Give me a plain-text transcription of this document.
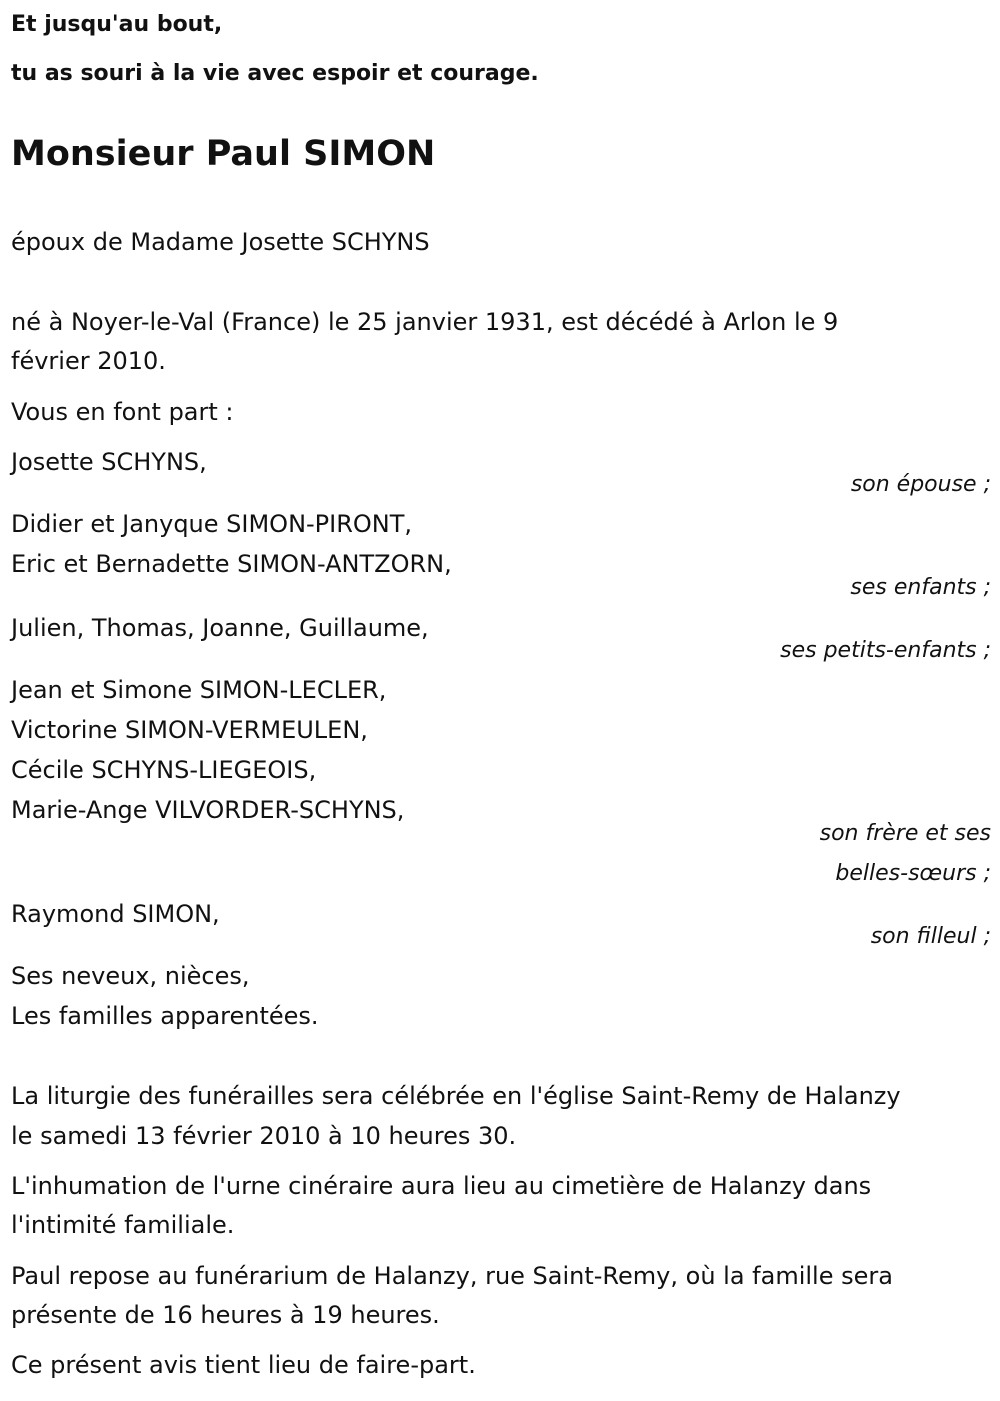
Et jusqu'au bout,
tu as souri à la vie avec espoir et courage.
Monsieur Paul SIMON
époux de Madame Josette SCHYNS
né à Noyer-le-Val (France) le 25 janvier 1931, est décédé à Arlon le 9
février 2010.
Vous en font part :
Josette SCHYNS,
son épouse ;
Didier et Janyque SIMON-PIRONT,
Eric et Bernadette SIMON-ANTZORN,
ses enfants ;
Julien, Thomas, Joanne, Guillaume,
ses petits-enfants ;
Jean et Simone SIMON-LECLER,
Victorine SIMON-VERMEULEN,
Cécile SCHYNS-LIEGEOIS,
Marie-Ange VILVORDER-SCHYNS,
son frère et ses
belles-sœurs ;
Raymond SIMON,
son filleul ;
Ses neveux, nièces,
Les familles apparentées.
La liturgie des funérailles sera célébrée en l'église Saint-Remy de Halanzy
le samedi 13 février 2010 à 10 heures 30.
L'inhumation de l'urne cinéraire aura lieu au cimetière de Halanzy dans
l'intimité familiale.
Paul repose au funérarium de Halanzy, rue Saint-Remy, où la famille sera
présente de 16 heures à 19 heures.
Ce présent avis tient lieu de faire-part.
